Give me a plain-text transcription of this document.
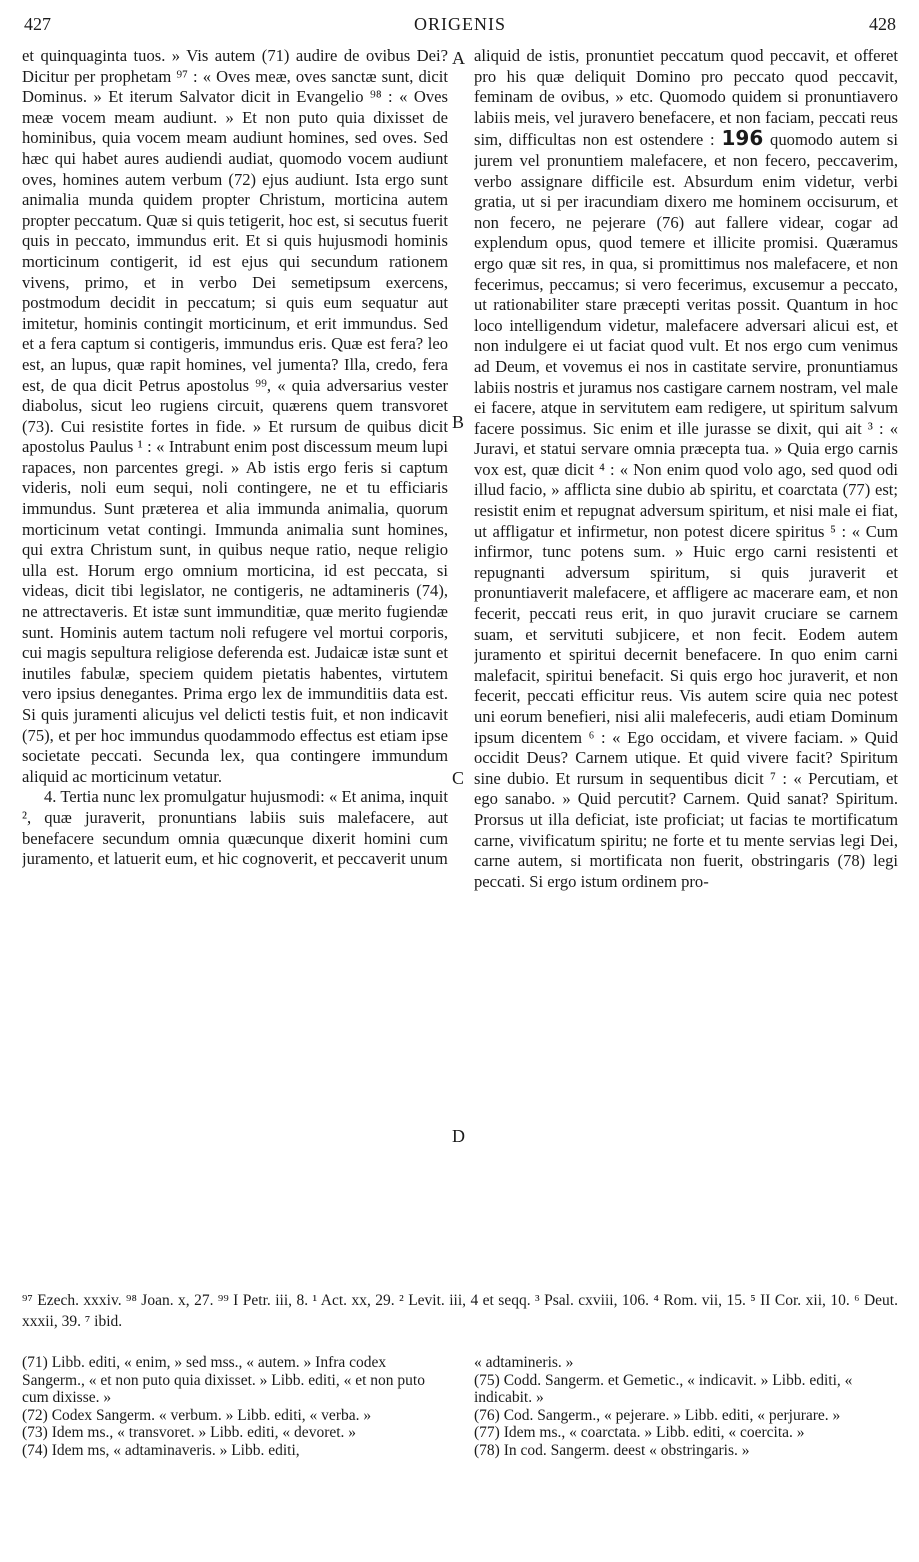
427	ORIGENIS	428

et quinquaginta tuos. » Vis autem (71) audire de ovibus Dei? Dicitur per prophetam ⁹⁷ : « Oves meæ, oves sanctæ sunt, dicit Dominus. » Et iterum Salvator dicit in Evangelio ⁹⁸ : « Oves meæ vocem meam audiunt. » Et non puto quia dixisset de hominibus, quia vocem meam audiunt homines, sed oves. Sed hæc qui habet aures audiendi audiat, quomodo vocem audiunt oves, homines autem verbum (72) ejus audiunt. Ista ergo sunt animalia munda quidem propter Christum, morticina autem propter peccatum. Quæ si quis tetigerit, hoc est, si secutus fuerit quis in peccato, immundus erit. Et si quis hujusmodi hominis morticinum contigerit, id est ejus qui secundum rationem vivens, primo, et in verbo Dei semetipsum exercens, postmodum decidit in peccatum; si quis eum sequatur aut imitetur, hominis contingit morticinum, et erit immundus. Sed et a fera captum si contigeris, immundus eris. Quæ est fera? leo est, an lupus, quæ rapit homines, vel jumenta? Illa, credo, fera est, de qua dicit Petrus apostolus ⁹⁹, « quia adversarius vester diabolus, sicut leo rugiens circuit, quærens quem transvoret (73). Cui resistite fortes in fide. » Et rursum de quibus dicit apostolus Paulus ¹ : « Intrabunt enim post discessum meum lupi rapaces, non parcentes gregi. » Ab istis ergo feris si captum videris, noli eum sequi, noli contingere, ne et tu efficiaris immundus. Sunt præterea et alia immunda animalia, quorum morticinum vetat contingi. Immunda animalia sunt homines, qui extra Christum sunt, in quibus neque ratio, neque religio ulla est. Horum ergo omnium morticina, id est peccata, si videas, dicit tibi legislator, ne contigeris, ne adtamineris (74), ne attrectaveris. Et istæ sunt immunditiæ, quæ merito fugiendæ sunt. Hominis autem tactum noli refugere vel mortui corporis, cui magis sepultura religiose deferenda est. Judaicæ istæ sunt et inutiles fabulæ, speciem quidem pietatis habentes, virtutem vero ipsius denegantes. Prima ergo lex de immunditiis data est. Si quis juramenti alicujus vel delicti testis fuit, et non indicavit (75), et per hoc immundus quodammodo effectus est etiam ipse societate peccati. Secunda lex, qua contingere immundum aliquid ac morticinum vetatur.

4. Tertia nunc lex promulgatur hujusmodi: « Et anima, inquit ², quæ juraverit, pronuntians labiis suis malefacere, aut benefacere secundum omnia quæcunque dixerit homini cum juramento, et latuerit eum, et hic cognoverit, et peccaverit unum

A
B
C
D

aliquid de istis, pronuntiet peccatum quod peccavit, et offeret pro his quæ deliquit Domino pro peccato quod peccavit, feminam de ovibus, » etc. Quomodo quidem si pronuntiavero labiis meis, vel juravero benefacere, et non faciam, peccati reus sim, difficultas non est ostendere : 196 quomodo autem si jurem vel pronuntiem malefacere, et non fecero, peccaverim, verbo assignare difficile est. Absurdum enim videtur, verbi gratia, ut si per iracundiam dixero me hominem occisurum, et non fecero, ne pejerare (76) aut fallere videar, cogar ad explendum opus, quod temere et illicite promisi. Quæramus ergo quæ sit res, in qua, si promittimus nos malefacere, et non fecerimus, peccamus; si vero fecerimus, excusemur a peccato, ut rationabiliter stare præcepti veritas possit. Quantum in hoc loco intelligendum videtur, malefacere adversari alicui est, et non indulgere ei ut faciat quod vult. Et nos ergo cum venimus ad Deum, et vovemus ei nos in castitate servire, pronuntiamus labiis nostris et juramus nos castigare carnem nostram, vel male ei facere, atque in servitutem eam redigere, ut spiritum salvum facere possimus. Sic enim et ille jurasse se dixit, qui ait ³ : « Juravi, et statui servare omnia præcepta tua. » Quia ergo carnis vox est, quæ dicit ⁴ : « Non enim quod volo ago, sed quod odi illud facio, » afflicta sine dubio ab spiritu, et coarctata (77) est; resistit enim et repugnat adversum spiritum, et nisi male ei fiat, ut affligatur et infirmetur, non potest dicere spiritus ⁵ : « Cum infirmor, tunc potens sum. » Huic ergo carni resistenti et repugnanti adversum spiritum, si quis juraverit et pronuntiaverit malefacere, et affligere ac macerare eam, et non fecerit, peccati reus erit, in quo juravit cruciare se carnem suam, et servituti subjicere, et non fecit. Eodem autem juramento et spiritui decernit benefacere. In quo enim carni malefacit, spiritui benefacit. Si quis ergo hoc juraverit, et non fecerit, peccati efficitur reus. Vis autem scire quia nec potest uni eorum benefieri, nisi alii malefeceris, audi etiam Dominum ipsum dicentem ⁶ : « Ego occidam, et vivere faciam. » Quid occidit Deus? Carnem utique. Et quid vivere facit? Spiritum sine dubio. Et rursum in sequentibus dicit ⁷ : « Percutiam, et ego sanabo. » Quid percutit? Carnem. Quid sanat? Spiritum. Prorsus ut illa deficiat, iste proficiat; ut facias te mortificatum carne, vivificatum spiritu; ne forte et tu mente servias legi Dei, carne autem, si mortificata non fuerit, obstringaris (78) legi peccati. Si ergo istum ordinem pro-

⁹⁷ Ezech. xxxiv. ⁹⁸ Joan. x, 27. ⁹⁹ I Petr. iii, 8. ¹ Act. xx, 29. ² Levit. iii, 4 et seqq. ³ Psal. cxviii, 106. ⁴ Rom. vii, 15. ⁵ II Cor. xii, 10. ⁶ Deut. xxxii, 39. ⁷ ibid.

(71) Libb. editi, « enim, » sed mss., « autem. » Infra codex Sangerm., « et non puto quia dixisset. » Libb. editi, « et non puto cum dixisse. »

(72) Codex Sangerm. « verbum. » Libb. editi, « verba. »

(73) Idem ms., « transvoret. » Libb. editi, « devoret. »

(74) Idem ms, « adtaminaveris. » Libb. editi,

« adtamineris. »

(75) Codd. Sangerm. et Gemetic., « indicavit. » Libb. editi, « indicabit. »

(76) Cod. Sangerm., « pejerare. » Libb. editi, « perjurare. »

(77) Idem ms., « coarctata. » Libb. editi, « coercita. »

(78) In cod. Sangerm. deest « obstringaris. »
